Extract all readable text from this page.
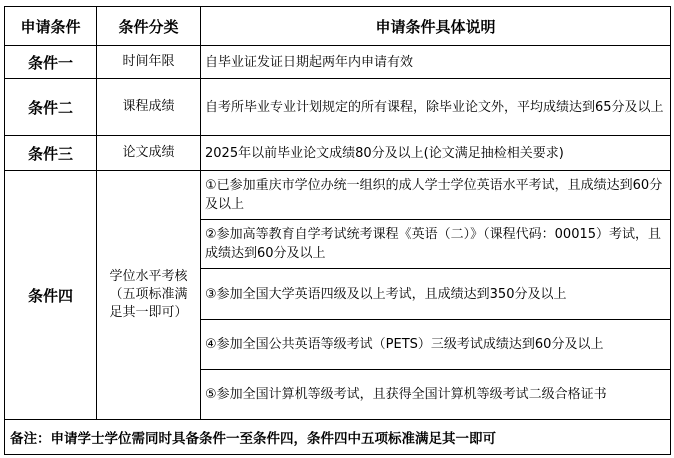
申请条件	条件分类	申请条件具体说明
条件一	时间年限	自毕业证发证日期起两年内申请有效
条件二	课程成绩	自考所毕业专业计划规定的所有课程，除毕业论文外，平均成绩达到65分及以上
条件三	论文成绩	2025年以前毕业论文成绩80分及以上(论文满足抽检相关要求)
条件四	学位水平考核（五项标准满足其一即可）	①已参加重庆市学位办统一组织的成人学士学位英语水平考试，且成绩达到60分及以上
		②参加高等教育自学考试统考课程《英语（二）》（课程代码：00015）考试，且成绩达到60分及以上
		③参加全国大学英语四级及以上考试，且成绩达到350分及以上
		④参加全国公共英语等级考试（PETS）三级考试成绩达到60分及以上
		⑤参加全国计算机等级考试，且获得全国计算机等级考试二级合格证书
备注：申请学士学位需同时具备条件一至条件四，条件四中五项标准满足其一即可		
